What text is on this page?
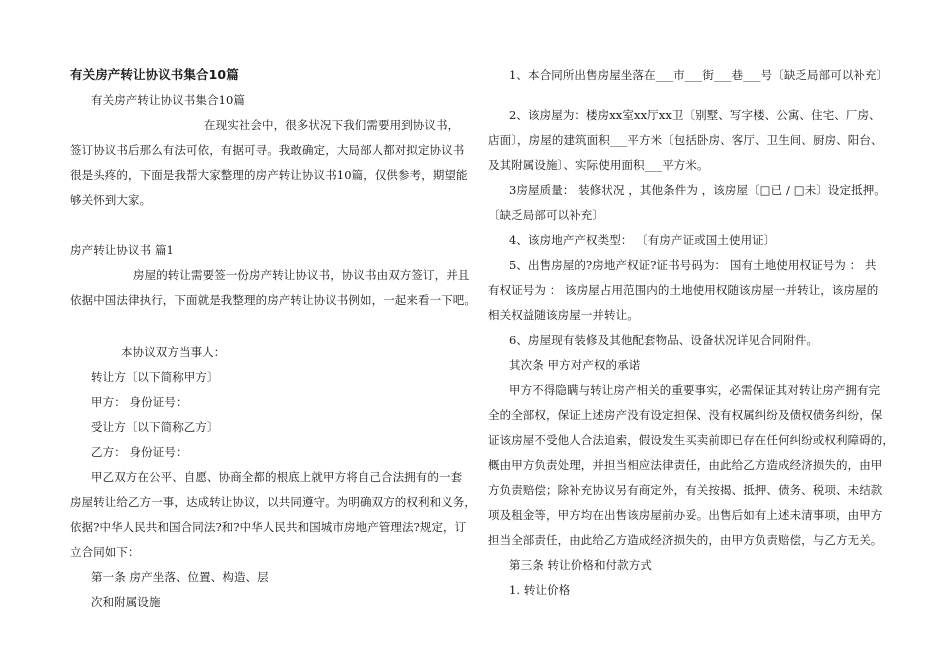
有关房产转让协议书集合10篇
有关房产转让协议书集合10篇
在现实社会中，很多状况下我们需要用到协议书，
签订协议书后那么有法可依，有据可寻。我敢确定，大局部人都对拟定协议书
很是头疼的，下面是我帮大家整理的房产转让协议书10篇，仅供参考，期望能
够关怀到大家。
房产转让协议书 篇1
房屋的转让需要签一份房产转让协议书，协议书由双方签订，并且
依据中国法律执行，下面就是我整理的房产转让协议书例如，一起来看一下吧。
本协议双方当事人：
转让方〔以下简称甲方〕
甲方： 身份证号：
受让方〔以下简称乙方〕
乙方： 身份证号：
甲乙双方在公平、自愿、协商全都的根底上就甲方将自己合法拥有的一套
房屋转让给乙方一事，达成转让协议，以共同遵守。为明确双方的权利和义务，
依据?中华人民共和国合同法?和?中华人民共和国城市房地产管理法?规定，订
立合同如下：
第一条 房产坐落、位置、构造、层
次和附属设施
1、本合同所出售房屋坐落在___市___街___巷___号〔缺乏局部可以补充〕
2、该房屋为：楼房xx室xx厅xx卫〔别墅、写字楼、公寓、住宅、厂房、
店面〕，房屋的建筑面积___平方米〔包括卧房、客厅、卫生间、厨房、阳台、
及其附属设施〕、实际使用面积___平方米。
3房屋质量： 装修状况 ，其他条件为 ，该房屋〔□已 / □未〕设定抵押。
〔缺乏局部可以补充〕
4、该房地产产权类型： 〔有房产证或国土使用证〕
5、出售房屋的?房地产权证?证书号码为： 国有土地使用权证号为 ： 共
有权证号为 ： 该房屋占用范围内的土地使用权随该房屋一并转让，该房屋的
相关权益随该房屋一并转让。
6、房屋现有装修及其他配套物品、设备状况详见合同附件。
其次条 甲方对产权的承诺
甲方不得隐瞒与转让房产相关的重要事实，必需保证其对转让房产拥有完
全的全部权，保证上述房产没有设定担保、没有权属纠纷及债权债务纠纷，保
证该房屋不受他人合法追索，假设发生买卖前即已存在任何纠纷或权利障碍的，
概由甲方负责处理，并担当相应法律责任，由此给乙方造成经济损失的，由甲
方负责赔偿；除补充协议另有商定外，有关按揭、抵押、债务、税项、未结款
项及租金等，甲方均在出售该房屋前办妥。出售后如有上述未清事项，由甲方
担当全部责任，由此给乙方造成经济损失的，由甲方负责赔偿，与乙方无关。
第三条 转让价格和付款方式
1. 转让价格
